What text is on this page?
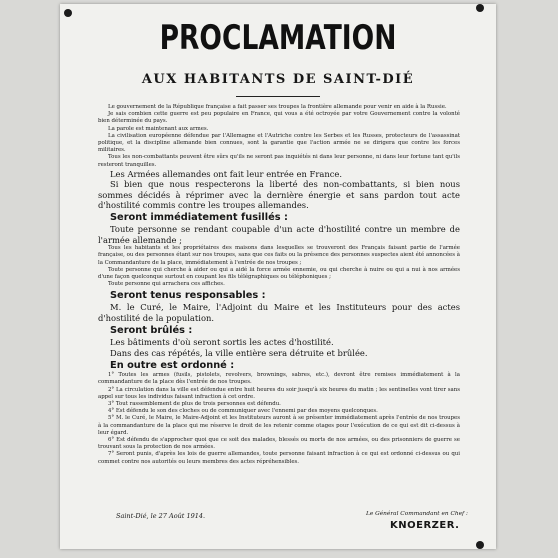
PROCLAMATION
AUX HABITANTS DE SAINT-DIÉ

Le gouvernement de la République française a fait passer ses troupes la frontière allemande pour venir en aide à la Russie.

Je sais combien cette guerre est peu populaire en France, qui vous a été octroyée par votre Gouvernement contre la volonté bien déterminée du pays.

La parole est maintenant aux armes.

La civilisation européenne défendue par l'Allemagne et l'Autriche contre les Serbes et les Russes, protecteurs de l'assassinat politique, et la discipline allemande bien connues, sont la garantie que l'action armée ne se dirigera que contre les forces militaires.

Tous les non-combattants peuvent être sûrs qu'ils ne seront pas inquiétés ni dans leur personne, ni dans leur fortune tant qu'ils resteront tranquilles.

Les Armées allemandes ont fait leur entrée en France.

Si bien que nous respecterons la liberté des non-combattants, si bien nous sommes décidés à réprimer avec la dernière énergie et sans pardon tout acte d'hostilité commis contre les troupes allemandes.

Seront immédiatement fusillés :

Toute personne se rendant coupable d'un acte d'hostilité contre un membre de l'armée allemande ;

Tous les habitants et les propriétaires des maisons dans lesquelles se trouveront des Français faisant partie de l'armée française, ou des personnes étant sur nos troupes, sans que ces faits ou la présence des personnes suspectes aient été annoncées à la Commandanture de la place, immédiatement à l'entrée de nos troupes ;

Toute personne qui cherche à aider ou qui a aidé la force armée ennemie, ou qui cherche à nuire ou qui a nui à nos armées d'une façon quelconque surtout en coupant les fils télégraphiques ou téléphoniques ;

Toute personne qui arrachera ces affiches.

Seront tenus responsables :

M. le Curé, le Maire, l'Adjoint du Maire et les Instituteurs pour des actes d'hostilité de la population.

Seront brûlés :

Les bâtiments d'où seront sortis les actes d'hostilité.

Dans des cas répétés, la ville entière sera détruite et brûlée.

En outre est ordonné :

1° Toutes les armes (fusils, pistolets, revolvers, brownings, sabres, etc.), devront être remises immédiatement à la commandanture de la place dès l'entrée de nos troupes.

2° La circulation dans la ville est défendue entre huit heures du soir jusqu'à six heures du matin ; les sentinelles vont tirer sans appel sur tous les individus faisant infraction à cet ordre.

3° Tout rassemblement de plus de trois personnes est défendu.

4° Est défendu le son des cloches ou de communiquer avec l'ennemi par des moyens quelconques.

5° M. le Curé, le Maire, le Maire-Adjoint et les Instituteurs auront à se présenter immédiatement après l'entrée de nos troupes à la commandanture de la place qui me réserve le droit de les retenir comme otages pour l'exécution de ce qui est dit ci-dessus à leur égard.

6° Est défendu de s'approcher quoi que ce soit des malades, blessés ou morts de nos armées, ou des prisonniers de guerre se trouvant sous la protection de nos armées.

7° Seront punis, d'après les lois de guerre allemandes, toute personne faisant infraction à ce qui est ordonné ci-dessus ou qui commet contre nos autorités ou leurs membres des actes répréhensibles.

Saint-Dié, le 27 Août 1914.	Le Général Commandant en Chef :
KNOERZER.
